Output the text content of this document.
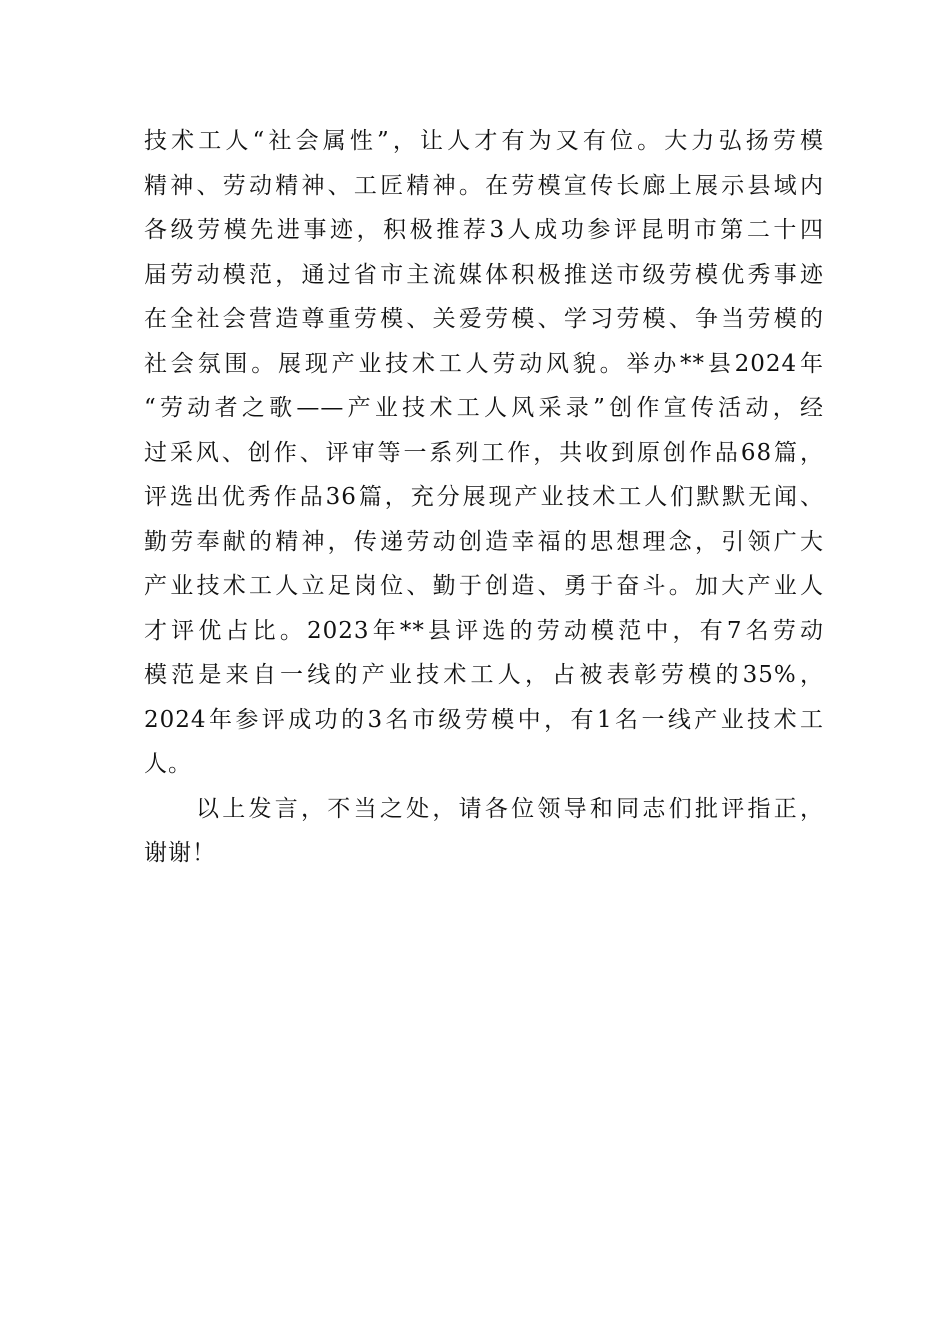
技术工人“社会属性”，让人才有为又有位。大力弘扬劳模
精神、劳动精神、工匠精神。在劳模宣传长廊上展示县域内
各级劳模先进事迹，积极推荐3人成功参评昆明市第二十四
届劳动模范，通过省市主流媒体积极推送市级劳模优秀事迹
在全社会营造尊重劳模、关爱劳模、学习劳模、争当劳模的
社会氛围。展现产业技术工人劳动风貌。举办**县2024年
“劳动者之歌——产业技术工人风采录”创作宣传活动，经
过采风、创作、评审等一系列工作，共收到原创作品68篇，
评选出优秀作品36篇，充分展现产业技术工人们默默无闻、
勤劳奉献的精神，传递劳动创造幸福的思想理念，引领广大
产业技术工人立足岗位、勤于创造、勇于奋斗。加大产业人
才评优占比。2023年**县评选的劳动模范中，有7名劳动
模范是来自一线的产业技术工人，占被表彰劳模的35%，
2024年参评成功的3名市级劳模中，有1名一线产业技术工
人。
以上发言，不当之处，请各位领导和同志们批评指正，
谢谢！
